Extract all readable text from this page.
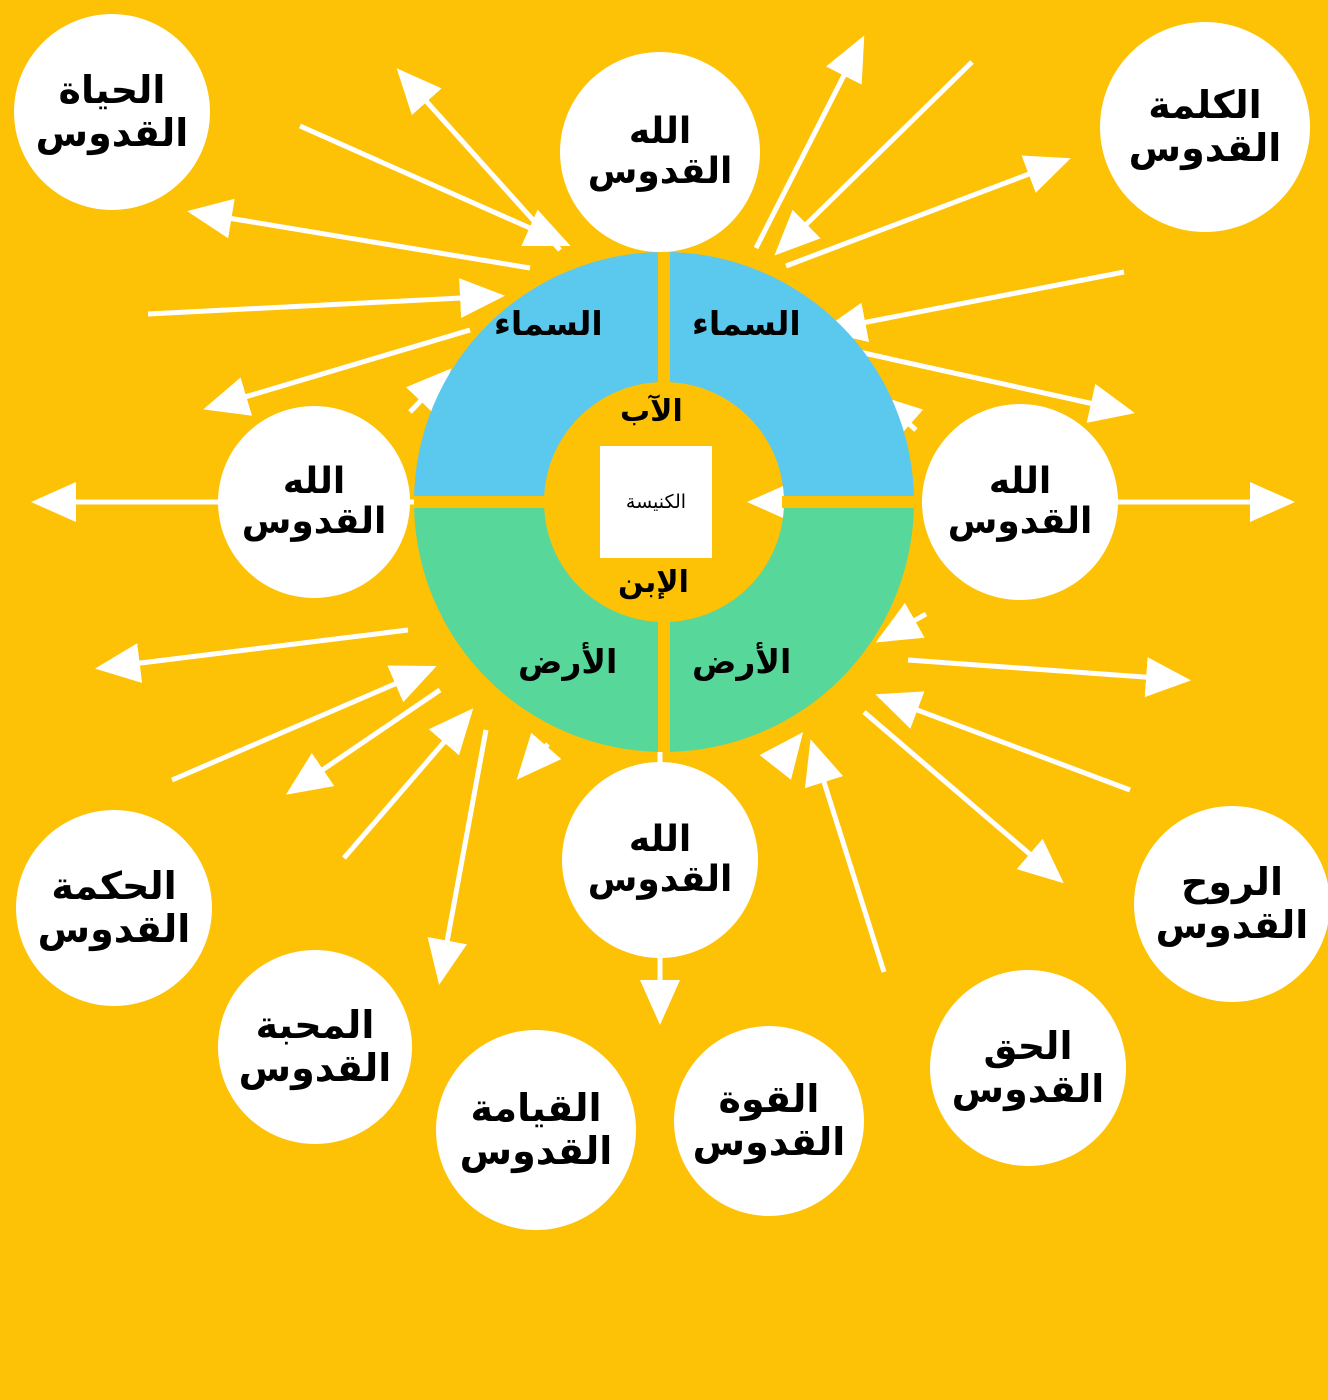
السماء
السماء
الأرض
الأرض
الآب
الإبن
الكنيسة
الله
القدوس
الله
القدوس
الله
القدوس
الله
القدوس
الكلمة
القدوس
الحياة
القدوس
الروح
القدوس
الحق
القدوس
القوة
القدوس
القيامة
القدوس
المحبة
القدوس
الحكمة
القدوس
